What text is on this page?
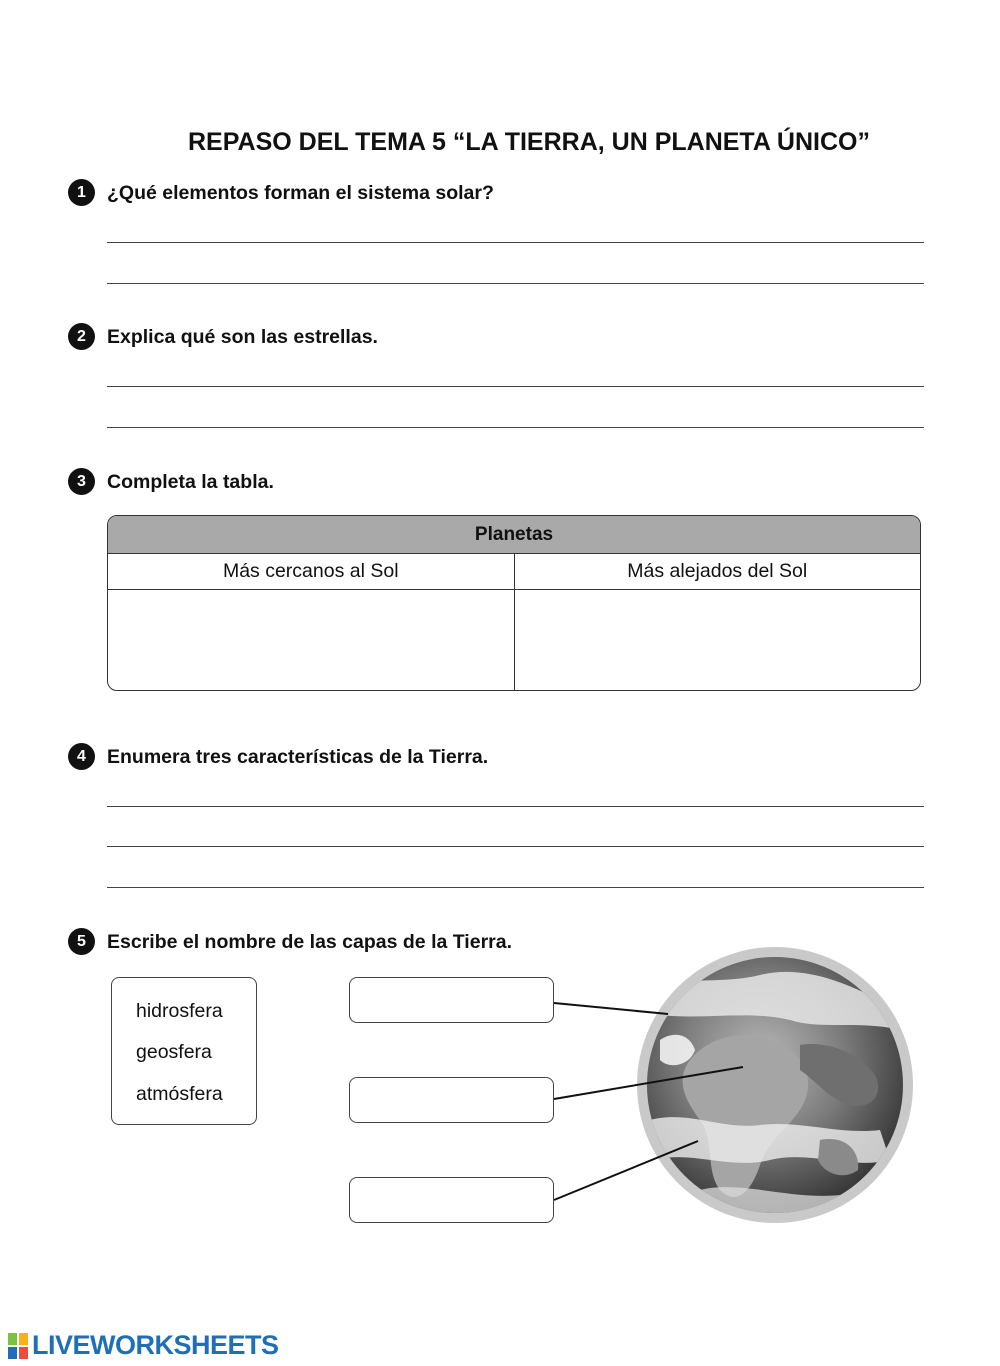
REPASO DEL TEMA 5 “LA TIERRA, UN PLANETA ÚNICO”
1	¿Qué elementos forman el sistema solar?

2	Explica qué son las estrellas.

3	Completa la tabla.

Planetas
Más cercanos al Sol	Más alejados del Sol
4	Enumera tres características de la Tierra.

5	Escribe el nombre de las capas de la Tierra.

hidrosfera

geosfera

atmósfera

LIVEWORKSHEETS
